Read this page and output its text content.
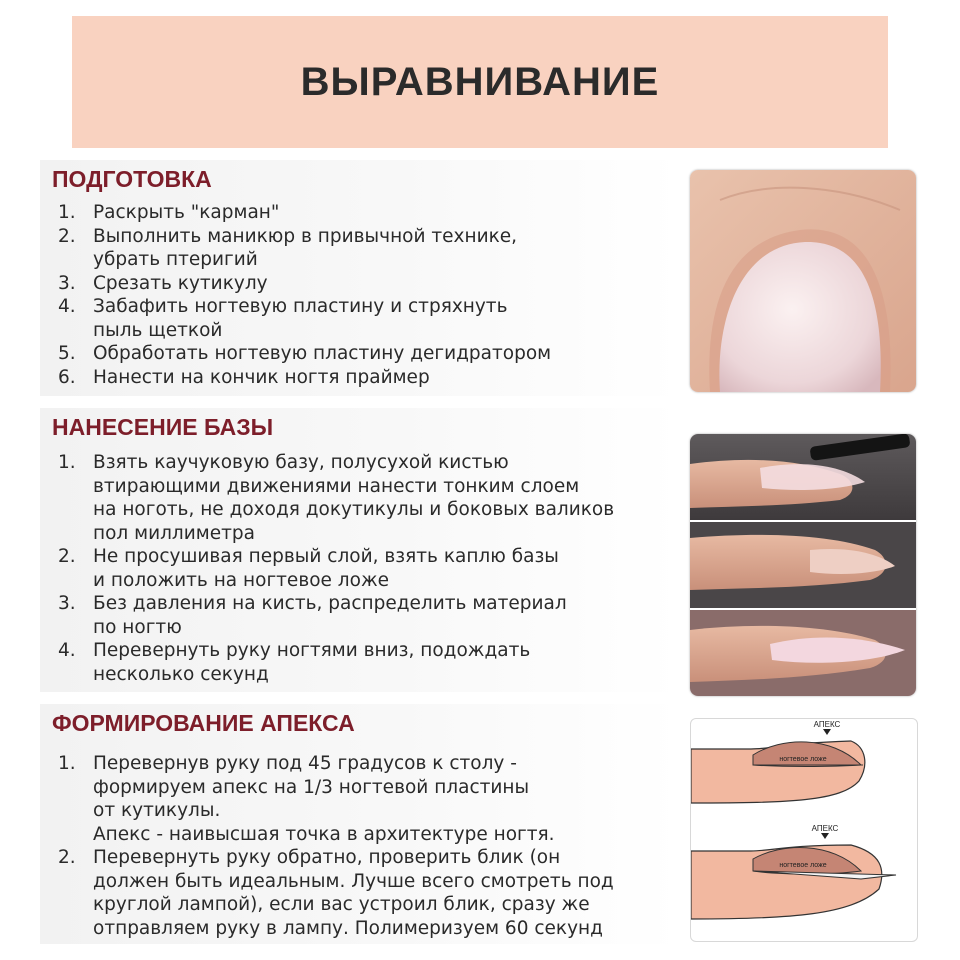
ВЫРАВНИВАНИЕ
ПОДГОТОВКА
1. Раскрыть "карман"
2. Выполнить маникюр в привычной технике,
убрать птеригий
3. Срезать кутикулу
4. Забафить ногтевую пластину и стряхнуть
пыль щеткой
5. Обработать ногтевую пластину дегидратором
6. Нанести на кончик ногтя праймер
НАНЕСЕНИЕ БАЗЫ
1. Взять каучуковую базу, полусухой кистью
втирающими движениями нанести тонким слоем
на ноготь, не доходя докутикулы и боковых валиков
пол миллиметра
2. Не просушивая первый слой, взять каплю базы
и положить на ногтевое ложе
3. Без давления на кисть, распределить материал
по ногтю
4. Перевернуть руку ногтями вниз, подождать
несколько секунд
ФОРМИРОВАНИЕ АПЕКСА
1. Перевернув руку под 45 градусов к столу -
формируем апекс на 1/3 ногтевой пластины
от кутикулы.
Апекс - наивысшая точка в архитектуре ногтя.
2. Перевернуть руку обратно, проверить блик (он
должен быть идеальным. Лучше всего смотреть под
круглой лампой), если вас устроил блик, сразу же
отправляем руку в лампу. Полимеризуем 60 секунд
АПЕКС
ногтевое ложе
АПЕКС
ногтевое ложе
